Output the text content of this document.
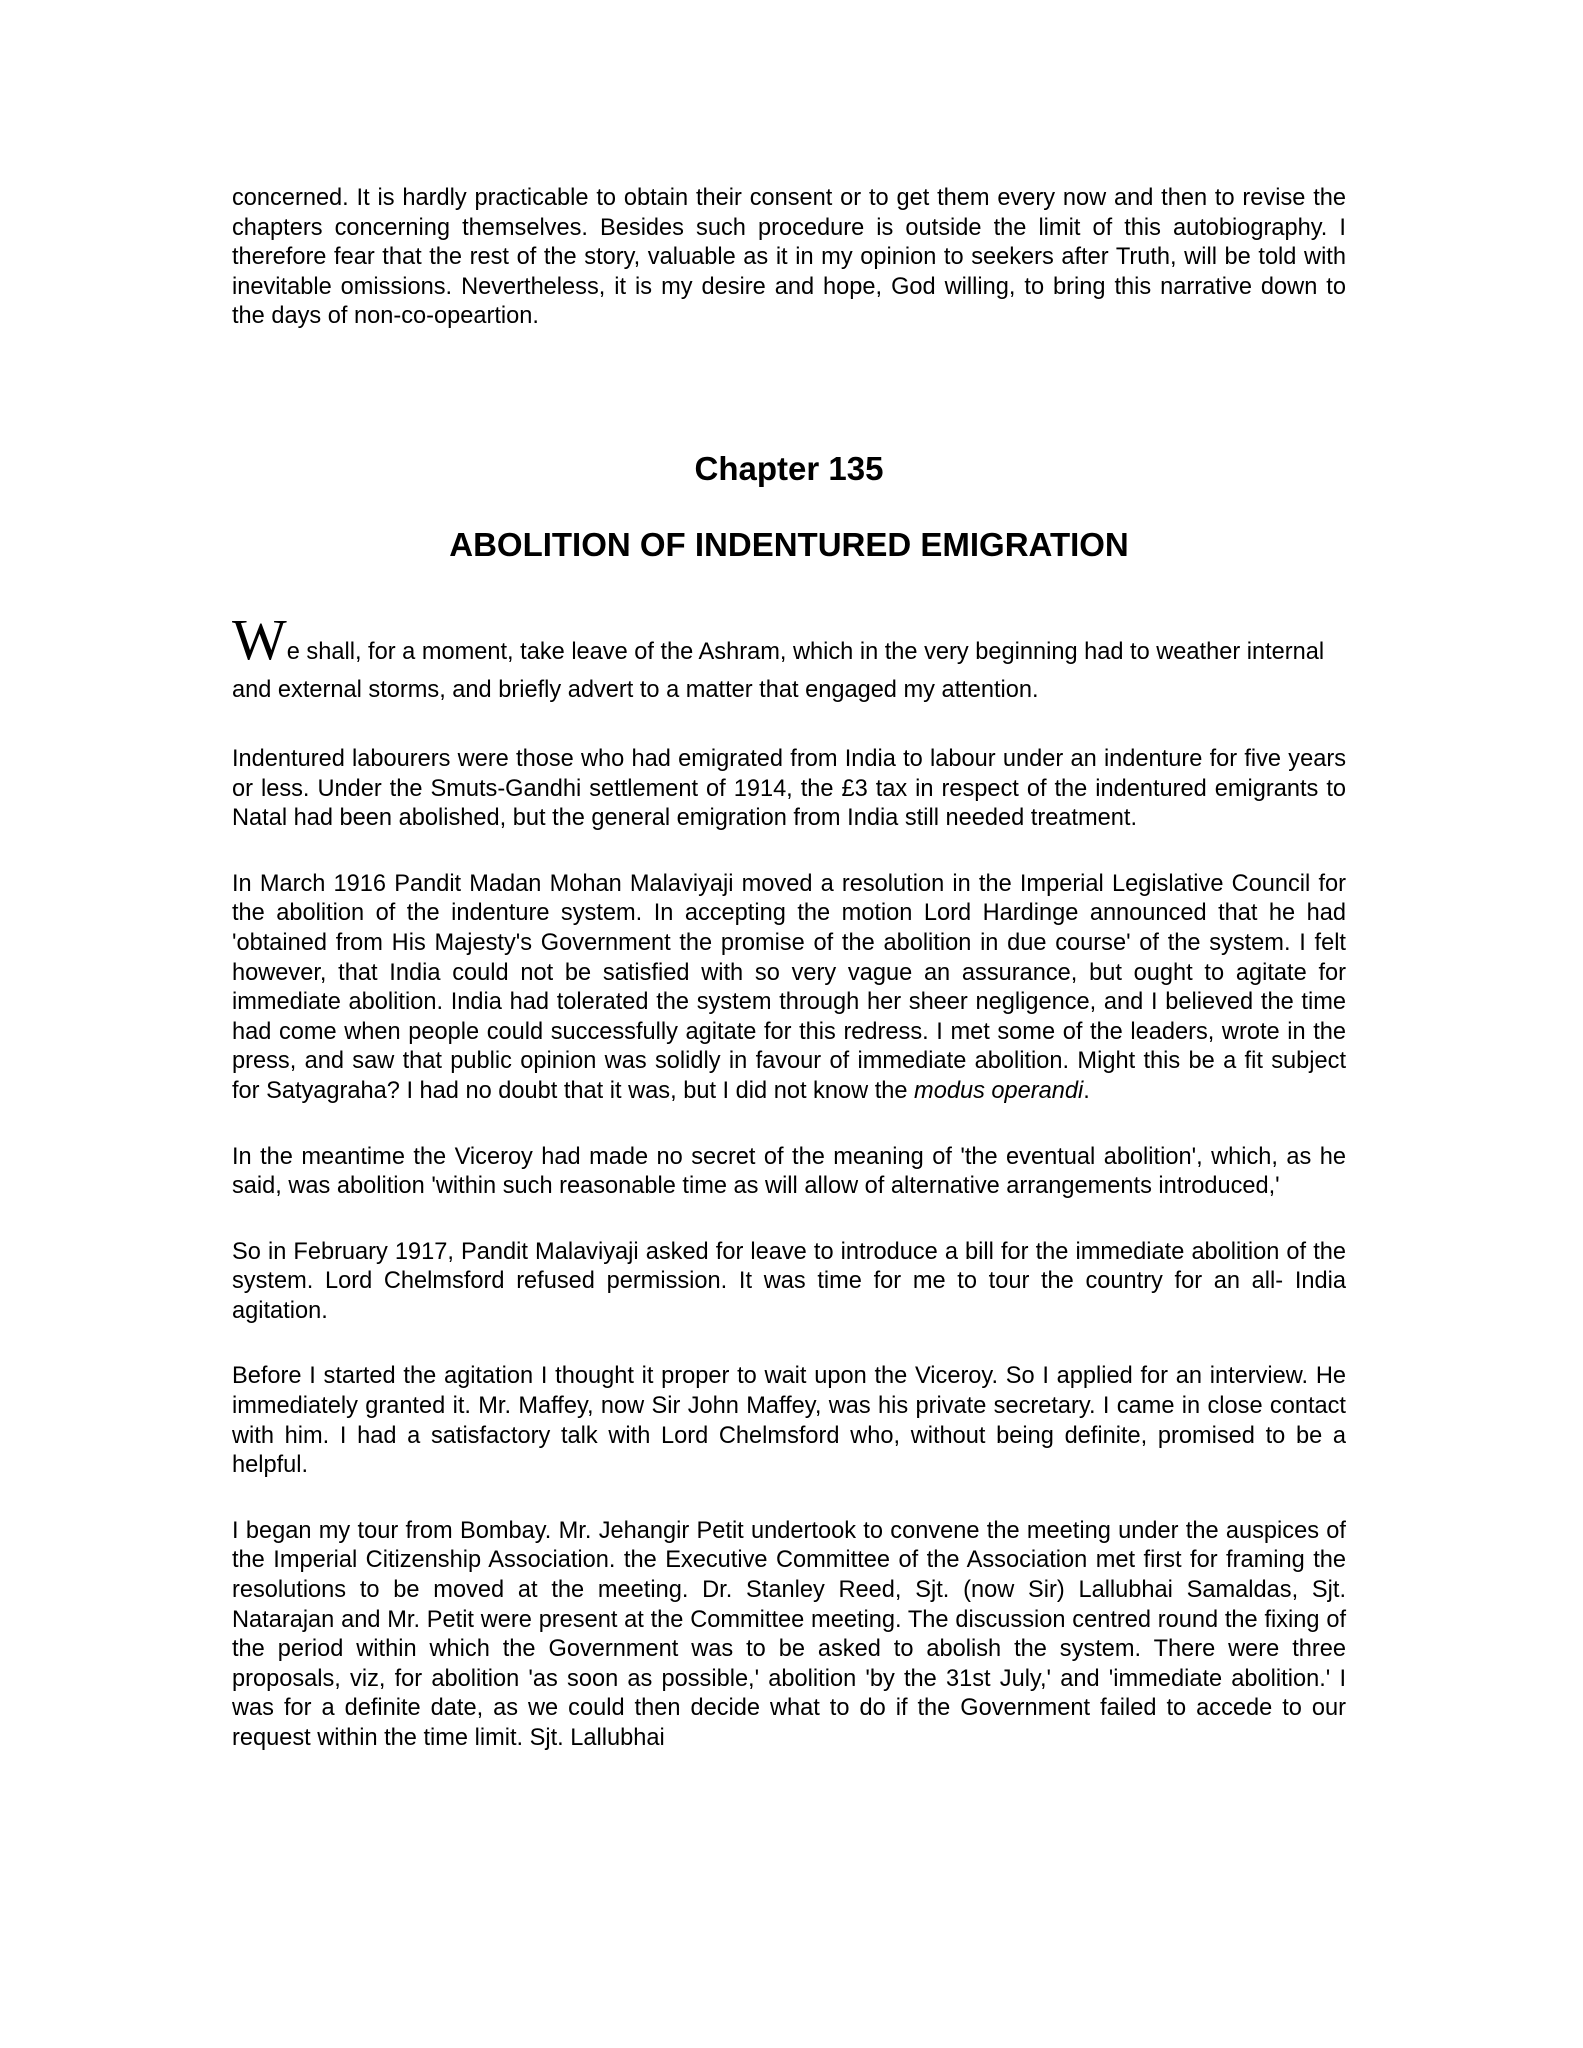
concerned. It is hardly practicable to obtain their consent or to get them every now and then to revise the chapters concerning themselves. Besides such procedure is outside the limit of this autobiography. I therefore fear that the rest of the story, valuable as it in my opinion to seekers after Truth, will be told with inevitable omissions. Nevertheless, it is my desire and hope, God willing, to bring this narrative down to the days of non-co-opeartion.

Chapter 135
ABOLITION OF INDENTURED EMIGRATION

We shall, for a moment, take leave of the Ashram, which in the very beginning had to weather internal and external storms, and briefly advert to a matter that engaged my attention.

Indentured labourers were those who had emigrated from India to labour under an indenture for five years or less. Under the Smuts-Gandhi settlement of 1914, the £3 tax in respect of the indentured emigrants to Natal had been abolished, but the general emigration from India still needed treatment.

In March 1916 Pandit Madan Mohan Malaviyaji moved a resolution in the Imperial Legislative Council for the abolition of the indenture system. In accepting the motion Lord Hardinge announced that he had 'obtained from His Majesty's Government the promise of the abolition in due course' of the system. I felt however, that India could not be satisfied with so very vague an assurance, but ought to agitate for immediate abolition. India had tolerated the system through her sheer negligence, and I believed the time had come when people could successfully agitate for this redress. I met some of the leaders, wrote in the press, and saw that public opinion was solidly in favour of immediate abolition. Might this be a fit subject for Satyagraha? I had no doubt that it was, but I did not know the modus operandi.

In the meantime the Viceroy had made no secret of the meaning of 'the eventual abolition', which, as he said, was abolition 'within such reasonable time as will allow of alternative arrangements introduced,'

So in February 1917, Pandit Malaviyaji asked for leave to introduce a bill for the immediate abolition of the system. Lord Chelmsford refused permission. It was time for me to tour the country for an all- India agitation.

Before I started the agitation I thought it proper to wait upon the Viceroy. So I applied for an interview. He immediately granted it. Mr. Maffey, now Sir John Maffey, was his private secretary. I came in close contact with him. I had a satisfactory talk with Lord Chelmsford who, without being definite, promised to be a helpful.

I began my tour from Bombay. Mr. Jehangir Petit undertook to convene the meeting under the auspices of the Imperial Citizenship Association. the Executive Committee of the Association met first for framing the resolutions to be moved at the meeting. Dr. Stanley Reed, Sjt. (now Sir) Lallubhai Samaldas, Sjt. Natarajan and Mr. Petit were present at the Committee meeting. The discussion centred round the fixing of the period within which the Government was to be asked to abolish the system. There were three proposals, viz, for abolition 'as soon as possible,' abolition 'by the 31st July,' and 'immediate abolition.' I was for a definite date, as we could then decide what to do if the Government failed to accede to our request within the time limit. Sjt. Lallubhai
